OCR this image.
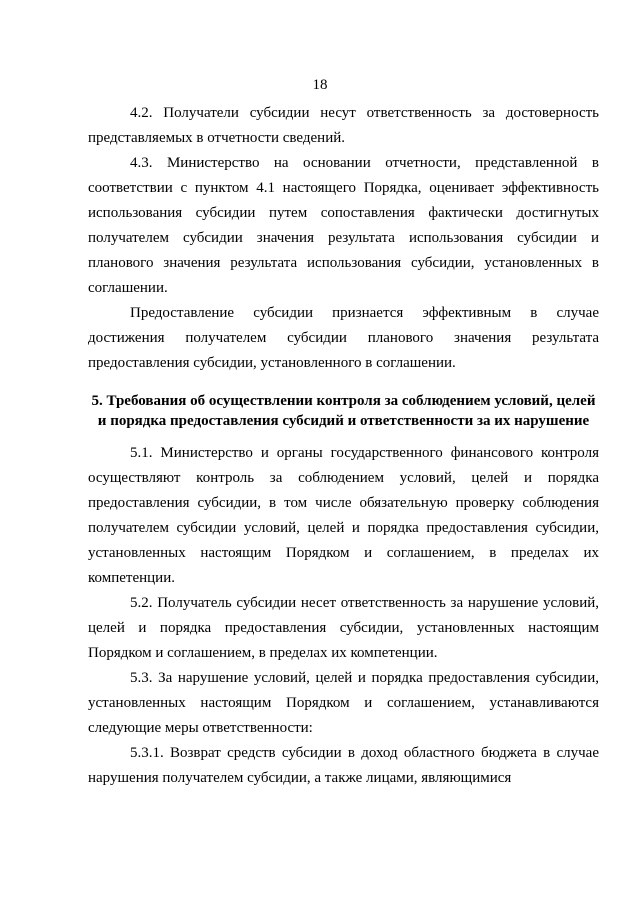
18

4.2. Получатели субсидии несут ответственность за достоверность представляемых в отчетности сведений.

4.3. Министерство на основании отчетности, представленной в соответствии с пунктом 4.1 настоящего Порядка, оценивает эффективность использования субсидии путем сопоставления фактически достигнутых получателем субсидии значения результата использования субсидии и планового значения результата использования субсидии, установленных в соглашении.

Предоставление субсидии признается эффективным в случае достижения получателем субсидии планового значения результата предоставления субсидии, установленного в соглашении.

5. Требования об осуществлении контроля за соблюдением условий, целей
и порядка предоставления субсидий и ответственности за их нарушение

5.1. Министерство и органы государственного финансового контроля осуществляют контроль за соблюдением условий, целей и порядка предоставления субсидии, в том числе обязательную проверку соблюдения получателем субсидии условий, целей и порядка предоставления субсидии, установленных настоящим Порядком и соглашением, в пределах их компетенции.

5.2. Получатель субсидии несет ответственность за нарушение условий, целей и порядка предоставления субсидии, установленных настоящим Порядком и соглашением, в пределах их компетенции.

5.3. За нарушение условий, целей и порядка предоставления субсидии, установленных настоящим Порядком и соглашением, устанавливаются следующие меры ответственности:

5.3.1. Возврат средств субсидии в доход областного бюджета в случае нарушения получателем субсидии, а также лицами, являющимися
